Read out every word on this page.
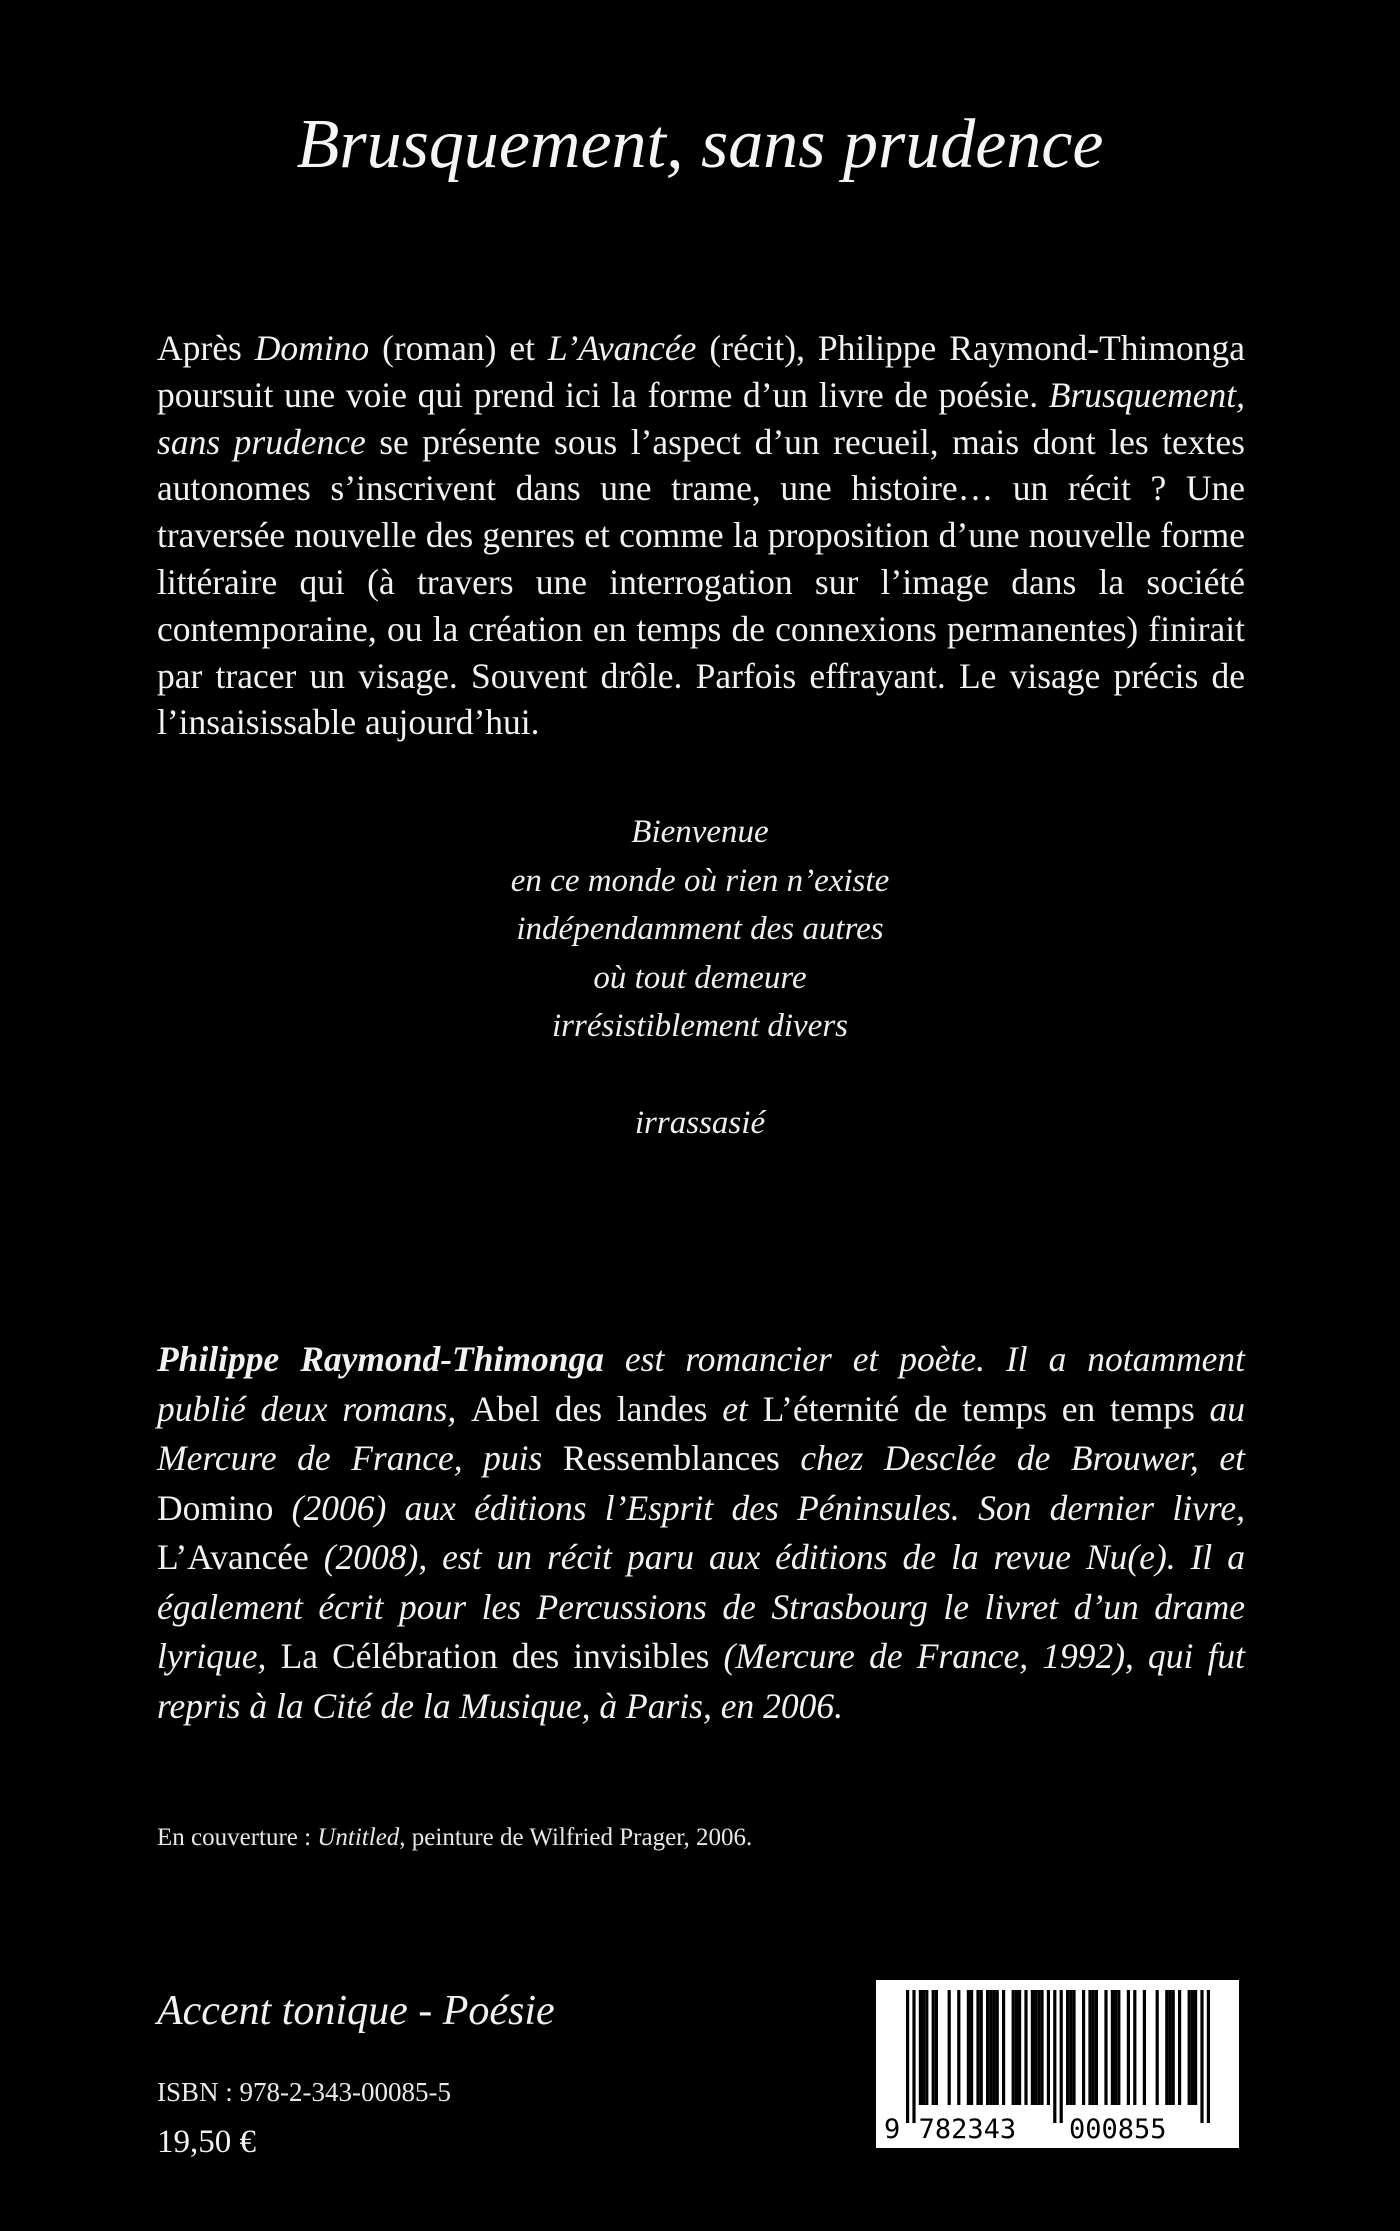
Brusquement, sans prudence

Après Domino (roman) et L’Avancée (récit), Philippe Raymond-Thimonga poursuit une voie qui prend ici la forme d’un livre de poésie. Brusquement, sans prudence se présente sous l’aspect d’un recueil, mais dont les textes autonomes s’inscrivent dans une trame, une histoire… un récit ? Une traversée nouvelle des genres et comme la proposition d’une nouvelle forme littéraire qui (à travers une interrogation sur l’image dans la société contemporaine, ou la création en temps de connexions permanentes) finirait par tracer un visage. Souvent drôle. Parfois effrayant. Le visage précis de l’insaisissable aujourd’hui.

Bienvenue
en ce monde où rien n’existe
indépendamment des autres
où tout demeure
irrésistiblement divers
irrassasié

Philippe Raymond-Thimonga est romancier et poète. Il a notamment publié deux romans, Abel des landes et L’éternité de temps en temps au Mercure de France, puis Ressemblances chez Desclée de Brouwer, et Domino (2006) aux éditions l’Esprit des Péninsules. Son dernier livre, L’Avancée (2008), est un récit paru aux éditions de la revue Nu(e). Il a également écrit pour les Percussions de Strasbourg le livret d’un drame lyrique, La Célébration des invisibles (Mercure de France, 1992), qui fut repris à la Cité de la Musique, à Paris, en 2006.

En couverture : Untitled, peinture de Wilfried Prager, 2006.
Accent tonique - Poésie
ISBN : 978-2-343-00085-5
19,50 €	9 782343 000855
